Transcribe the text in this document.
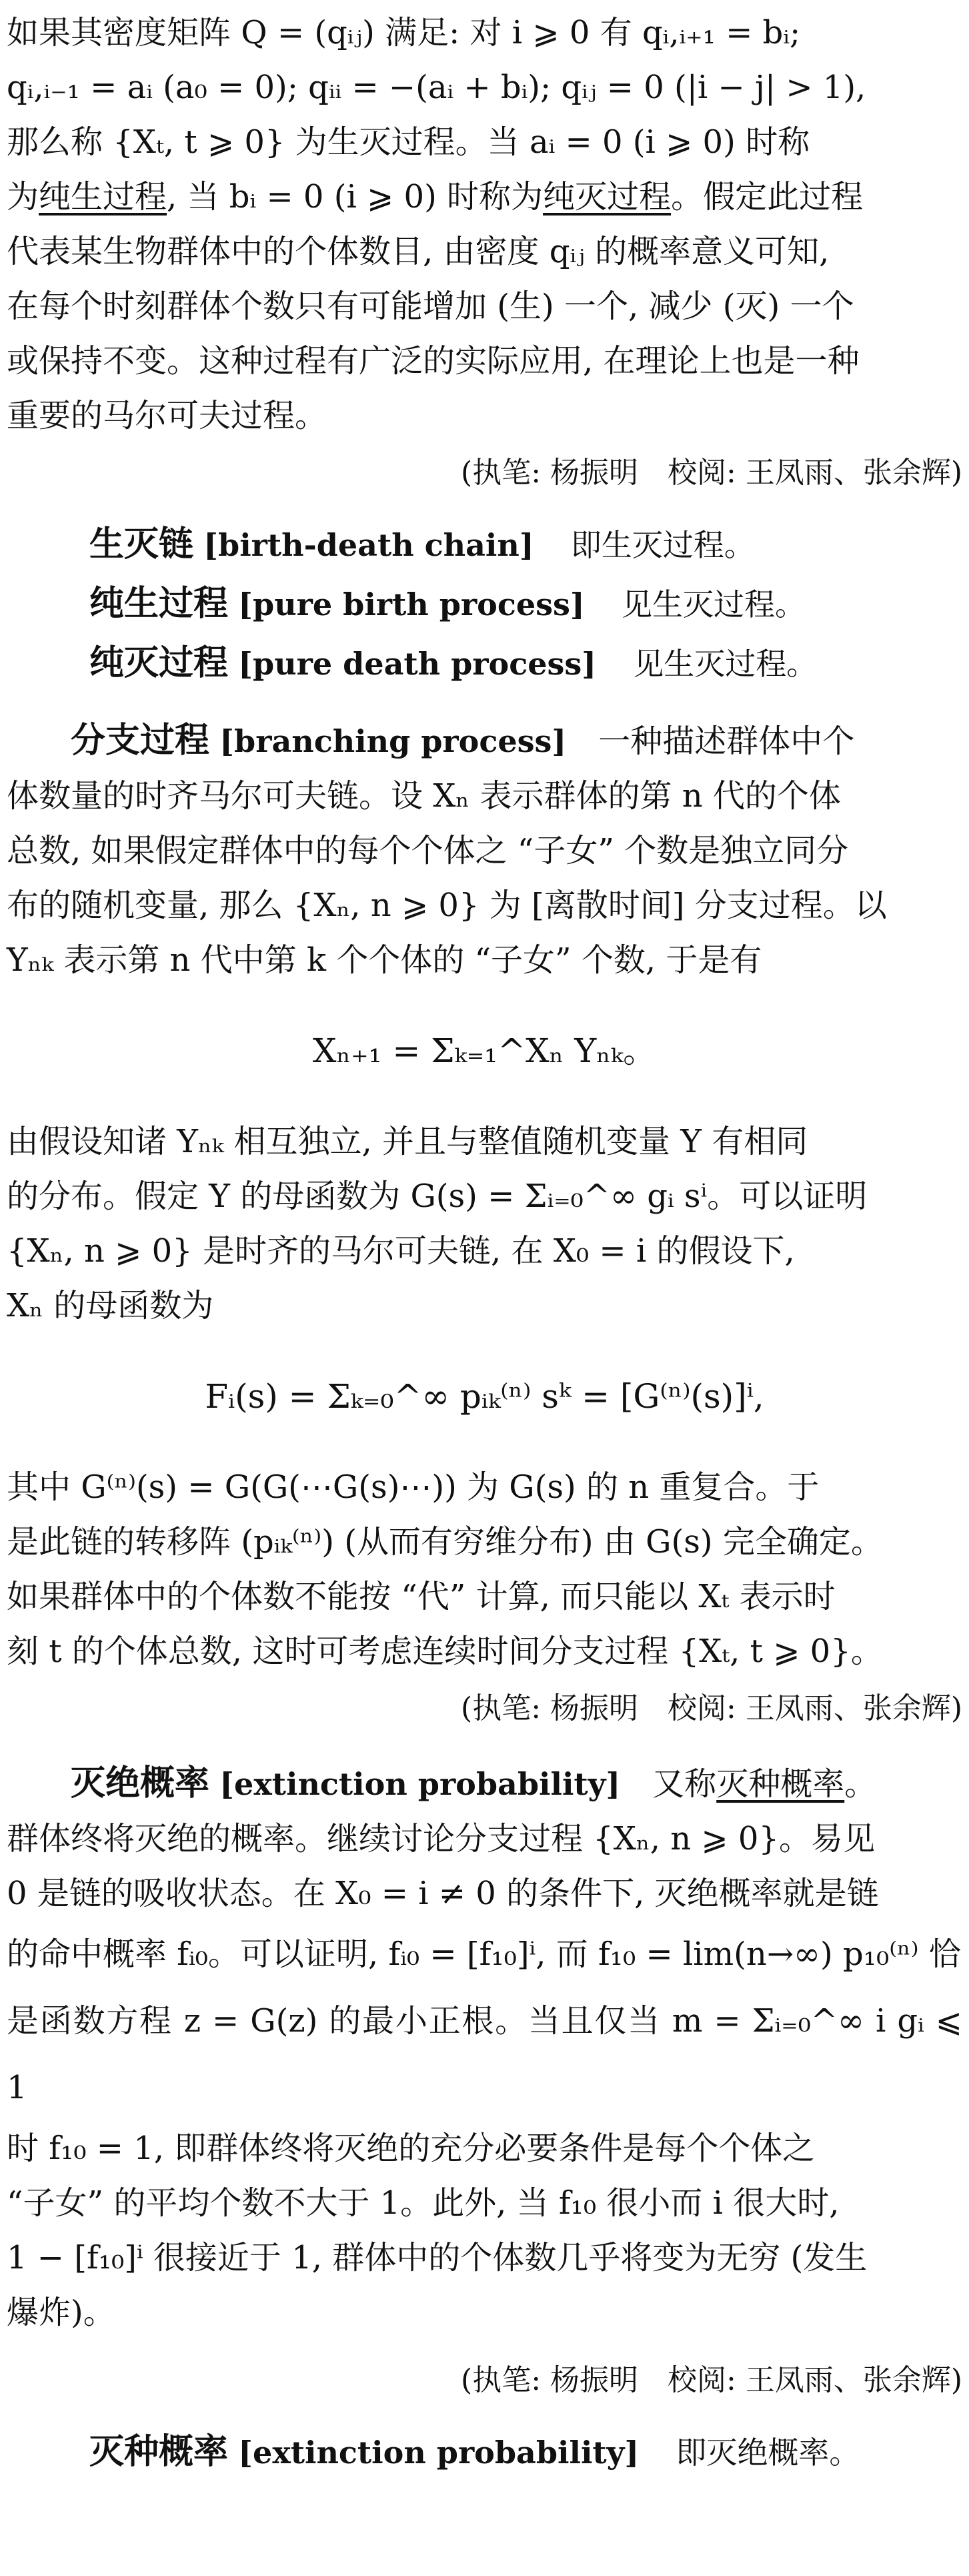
如果其密度矩阵 Q = (qᵢⱼ) 满足: 对 i ⩾ 0 有 qᵢ,ᵢ₊₁ = bᵢ;

qᵢ,ᵢ₋₁ = aᵢ (a₀ = 0); qᵢᵢ = −(aᵢ + bᵢ); qᵢⱼ = 0 (|i − j| > 1),

那么称 {Xₜ, t ⩾ 0} 为生灭过程。当 aᵢ = 0 (i ⩾ 0) 时称

为纯生过程, 当 bᵢ = 0 (i ⩾ 0) 时称为纯灭过程。假定此过程

代表某生物群体中的个体数目, 由密度 qᵢⱼ 的概率意义可知,

在每个时刻群体个数只有可能增加 (生) 一个, 减少 (灭) 一个

或保持不变。这种过程有广泛的实际应用, 在理论上也是一种

重要的马尔可夫过程。

(执笔: 杨振明　校阅: 王凤雨、张余辉)

生灭链 [birth-death chain] 即生灭过程。

纯生过程 [pure birth process] 见生灭过程。

纯灭过程 [pure death process] 见生灭过程。

分支过程 [branching process]　 一种描述群体中个

体数量的时齐马尔可夫链。设 Xₙ 表示群体的第 n 代的个体

总数, 如果假定群体中的每个个体之 “子女” 个数是独立同分

布的随机变量, 那么 {Xₙ, n ⩾ 0} 为 [离散时间] 分支过程。以

Yₙₖ 表示第 n 代中第 k 个个体的 “子女” 个数, 于是有

Xₙ₊₁ = Σₖ₌₁^Xₙ Yₙₖ。

由假设知诸 Yₙₖ 相互独立, 并且与整值随机变量 Y 有相同

的分布。假定 Y 的母函数为 G(s) = Σᵢ₌₀^∞ gᵢ sⁱ。可以证明

{Xₙ, n ⩾ 0} 是时齐的马尔可夫链, 在 X₀ = i 的假设下,

Xₙ 的母函数为

Fᵢ(s) = Σₖ₌₀^∞ pᵢₖ⁽ⁿ⁾ sᵏ = [G⁽ⁿ⁾(s)]ⁱ,

其中 G⁽ⁿ⁾(s) = G(G(⋯G(s)⋯)) 为 G(s) 的 n 重复合。于

是此链的转移阵 (pᵢₖ⁽ⁿ⁾) (从而有穷维分布) 由 G(s) 完全确定。

如果群体中的个体数不能按 “代” 计算, 而只能以 Xₜ 表示时

刻 t 的个体总数, 这时可考虑连续时间分支过程 {Xₜ, t ⩾ 0}。

(执笔: 杨振明　校阅: 王凤雨、张余辉)

灭绝概率 [extinction probability]　 又称灭种概率。

群体终将灭绝的概率。继续讨论分支过程 {Xₙ, n ⩾ 0}。易见

0 是链的吸收状态。在 X₀ = i ≠ 0 的条件下, 灭绝概率就是链

的命中概率 fᵢ₀。可以证明, fᵢ₀ = [f₁₀]ⁱ, 而 f₁₀ = lim(n→∞) p₁₀⁽ⁿ⁾ 恰

是函数方程 z = G(z) 的最小正根。当且仅当 m = Σᵢ₌₀^∞ i gᵢ ⩽ 1

时 f₁₀ = 1, 即群体终将灭绝的充分必要条件是每个个体之

“子女” 的平均个数不大于 1。此外, 当 f₁₀ 很小而 i 很大时,

1 − [f₁₀]ⁱ 很接近于 1, 群体中的个体数几乎将变为无穷 (发生

爆炸)。

(执笔: 杨振明　校阅: 王凤雨、张余辉)

灭种概率 [extinction probability] 即灭绝概率。
